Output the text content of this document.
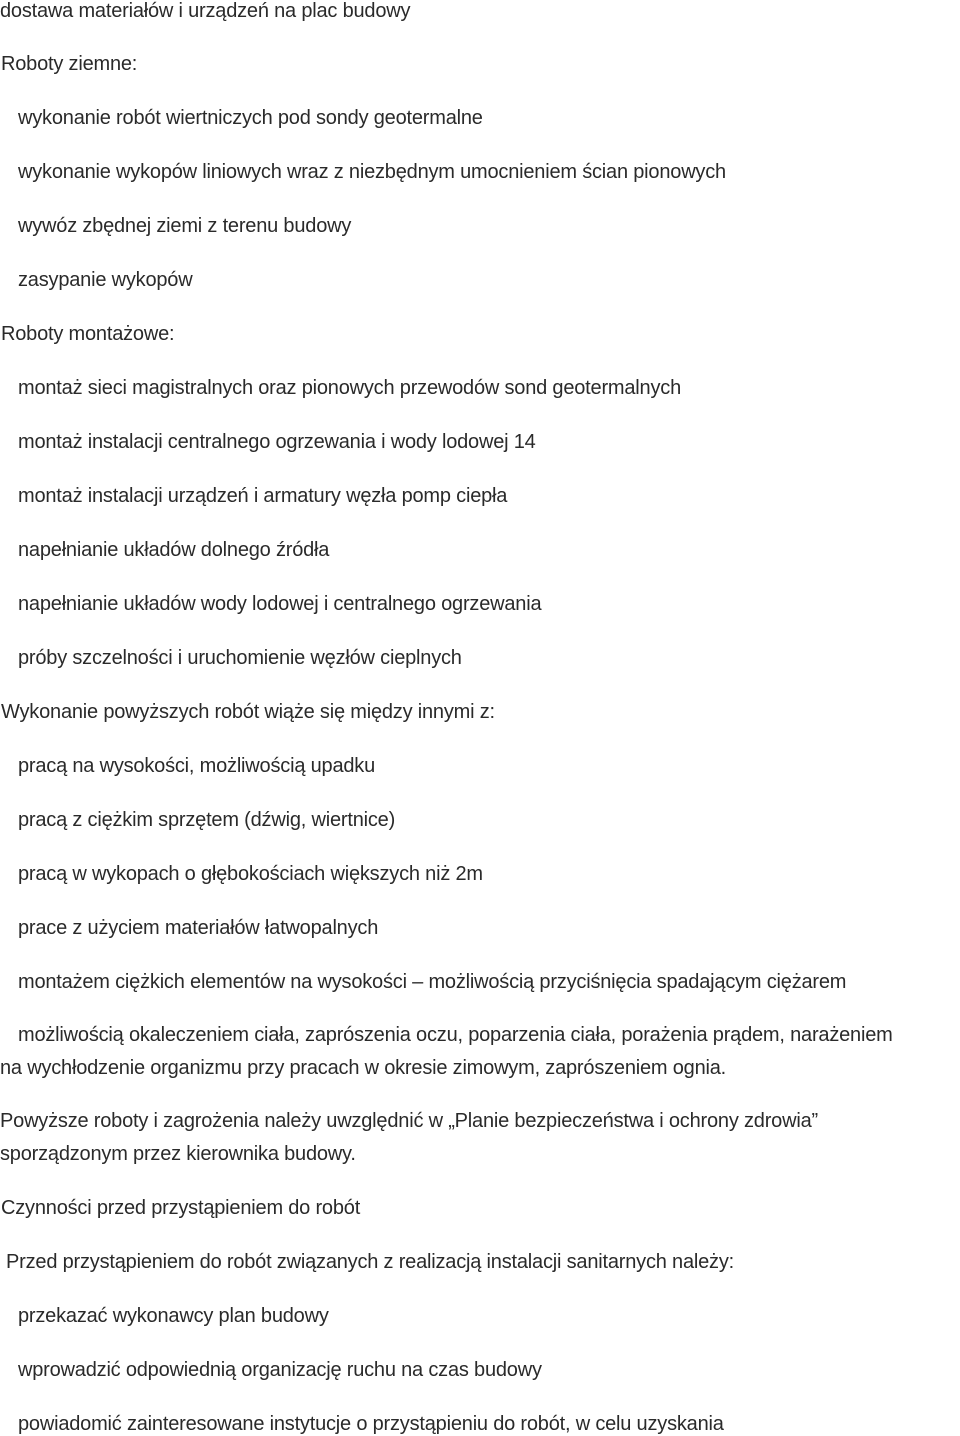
dostawa materiałów i urządzeń na plac budowy
Roboty ziemne:
wykonanie robót wiertniczych pod sondy geotermalne
wykonanie wykopów liniowych wraz z niezbędnym umocnieniem ścian pionowych
wywóz zbędnej ziemi z terenu budowy
zasypanie wykopów
Roboty montażowe:
montaż sieci magistralnych oraz pionowych przewodów sond geotermalnych
montaż instalacji centralnego ogrzewania i wody lodowej 14
montaż instalacji urządzeń i armatury węzła pomp ciepła
napełnianie układów dolnego źródła
napełnianie układów wody lodowej i centralnego ogrzewania
próby szczelności i uruchomienie węzłów cieplnych
Wykonanie powyższych robót wiąże się między innymi z:
pracą na wysokości, możliwością upadku
pracą z ciężkim sprzętem (dźwig, wiertnice)
pracą w wykopach o głębokościach większych niż 2m
prace z użyciem materiałów łatwopalnych
montażem ciężkich elementów na wysokości – możliwością przyciśnięcia spadającym ciężarem
możliwością okaleczeniem ciała, zaprószenia oczu, poparzenia ciała, porażenia prądem, narażeniem
na wychłodzenie organizmu przy pracach w okresie zimowym, zaprószeniem ognia.
Powyższe roboty i zagrożenia należy uwzględnić w „Planie bezpieczeństwa i ochrony zdrowia”
sporządzonym przez kierownika budowy.
Czynności przed przystąpieniem do robót
Przed przystąpieniem do robót związanych z realizacją instalacji sanitarnych należy:
przekazać wykonawcy plan budowy
wprowadzić odpowiednią organizację ruchu na czas budowy
powiadomić zainteresowane instytucje o przystąpieniu do robót, w celu uzyskania
